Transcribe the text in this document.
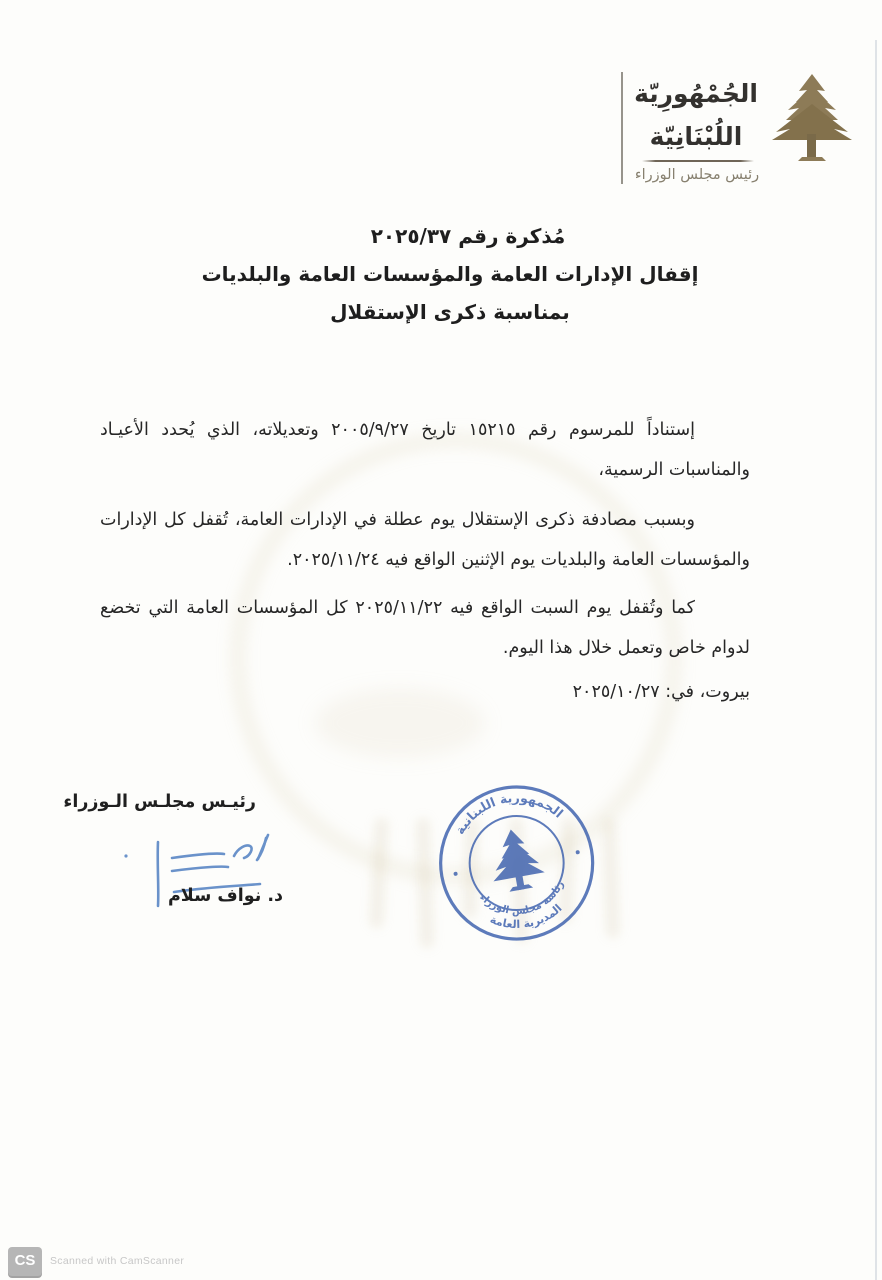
الجُمْهُورِيّة
اللُبْنَانِيّة
رئيس مجلس الوزراء
مُذكرة رقم ٢٠٢٥/٣٧
إقفال الإدارات العامة والمؤسسات العامة والبلديات
بمناسبة ذكرى الإستقلال
إستناداً للمرسوم رقم ١٥٢١٥ تاريخ ٢٠٠٥/٩/٢٧ وتعديلاته، الذي يُحدد الأعيـاد
والمناسبات الرسمية،
وبسبب مصادفة ذكرى الإستقلال يوم عطلة في الإدارات العامة، تُقفل كل الإدارات
والمؤسسات العامة والبلديات يوم الإثنين الواقع فيه ٢٠٢٥/١١/٢٤.
كما وتُقفل يوم السبت الواقع فيه ٢٠٢٥/١١/٢٢ كل المؤسسات العامة التي تخضع
لدوام خاص وتعمل خلال هذا اليوم.
بيروت، في: ٢٠٢٥/١٠/٢٧
رئيـس مجلـس الـوزراء
د. نواف سلام
الجمهورية اللبنانية
رئاسة مجلس الوزراء
المديرية العامة
CS	Scanned with CamScanner
